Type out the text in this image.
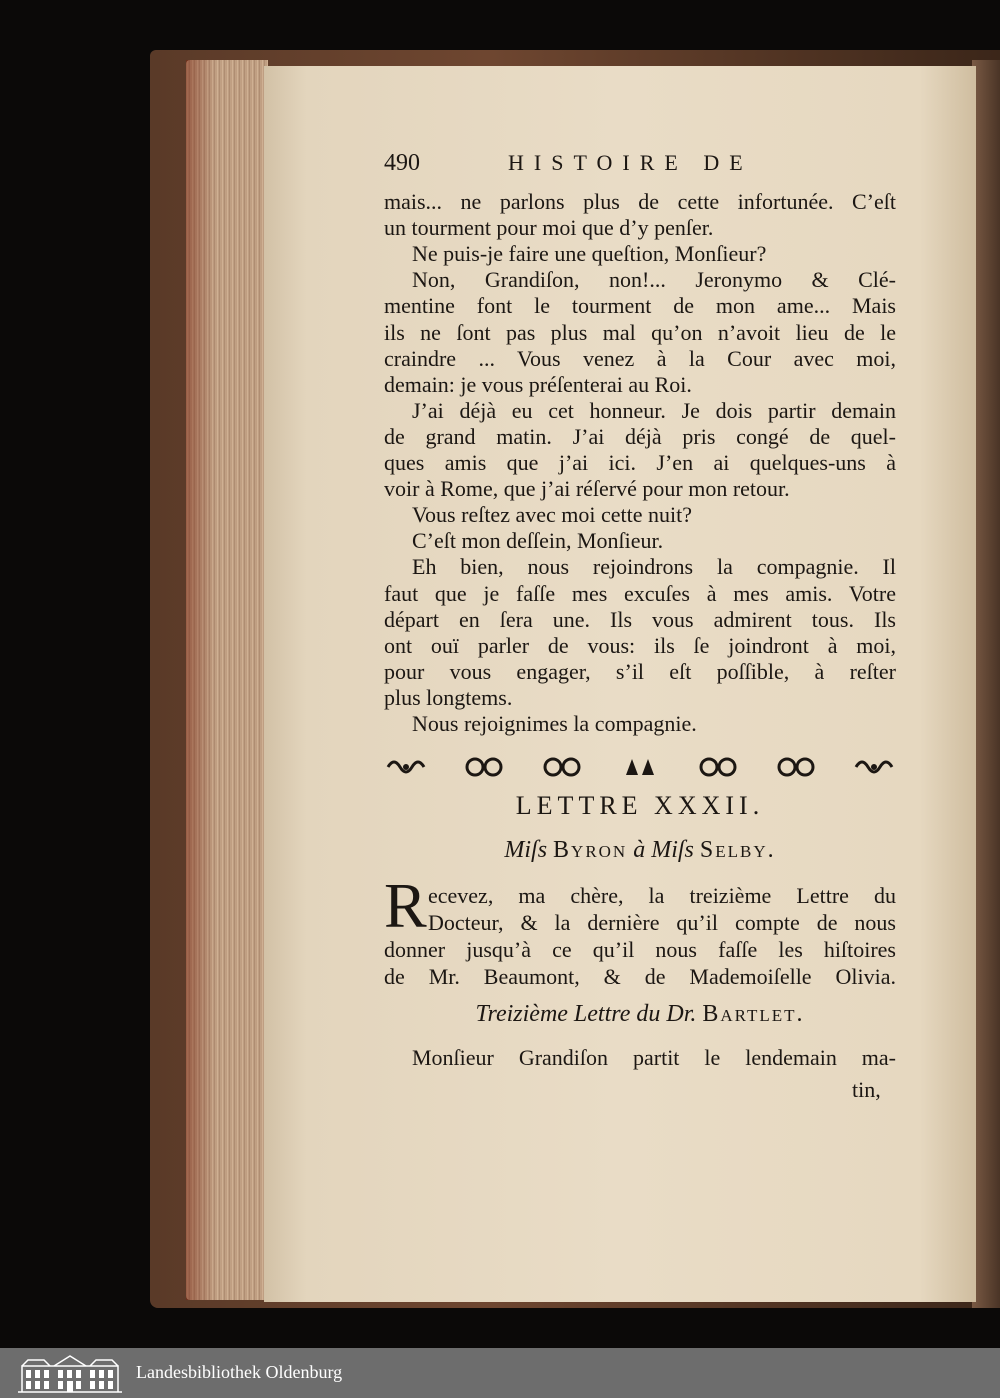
490	HISTOIRE DE
mais... ne parlons plus de cette infortunée. C’eſt
un tourment pour moi que d’y penſer.
Ne puis-je faire une queſtion, Monſieur?
Non, Grandiſon, non!... Jeronymo & Clé-
mentine font le tourment de mon ame... Mais
ils ne ſont pas plus mal qu’on n’avoit lieu de le
craindre ... Vous venez à la Cour avec moi,
demain: je vous préſenterai au Roi.
J’ai déjà eu cet honneur. Je dois partir demain
de grand matin. J’ai déjà pris congé de quel-
ques amis que j’ai ici. J’en ai quelques-uns à
voir à Rome, que j’ai réſervé pour mon retour.
Vous reſtez avec moi cette nuit?
C’eſt mon deſſein, Monſieur.
Eh bien, nous rejoindrons la compagnie. Il
faut que je faſſe mes excuſes à mes amis. Votre
départ en ſera une. Ils vous admirent tous. Ils
ont ouï parler de vous: ils ſe joindront à moi,
pour vous engager, s’il eſt poſſible, à reſter
plus longtems.
Nous rejoignimes la compagnie.
LETTRE XXXII.
Miſs Byron à Miſs Selby.
R ecevez, ma chère, la treizième Lettre du
Docteur, & la dernière qu’il compte de nous
donner jusqu’à ce qu’il nous faſſe les hiſtoires
de Mr. Beaumont, & de Mademoiſelle Olivia.
Treizième Lettre du Dr. Bartlet.
Monſieur Grandiſon partit le lendemain ma-
tin,
Landesbibliothek Oldenburg
